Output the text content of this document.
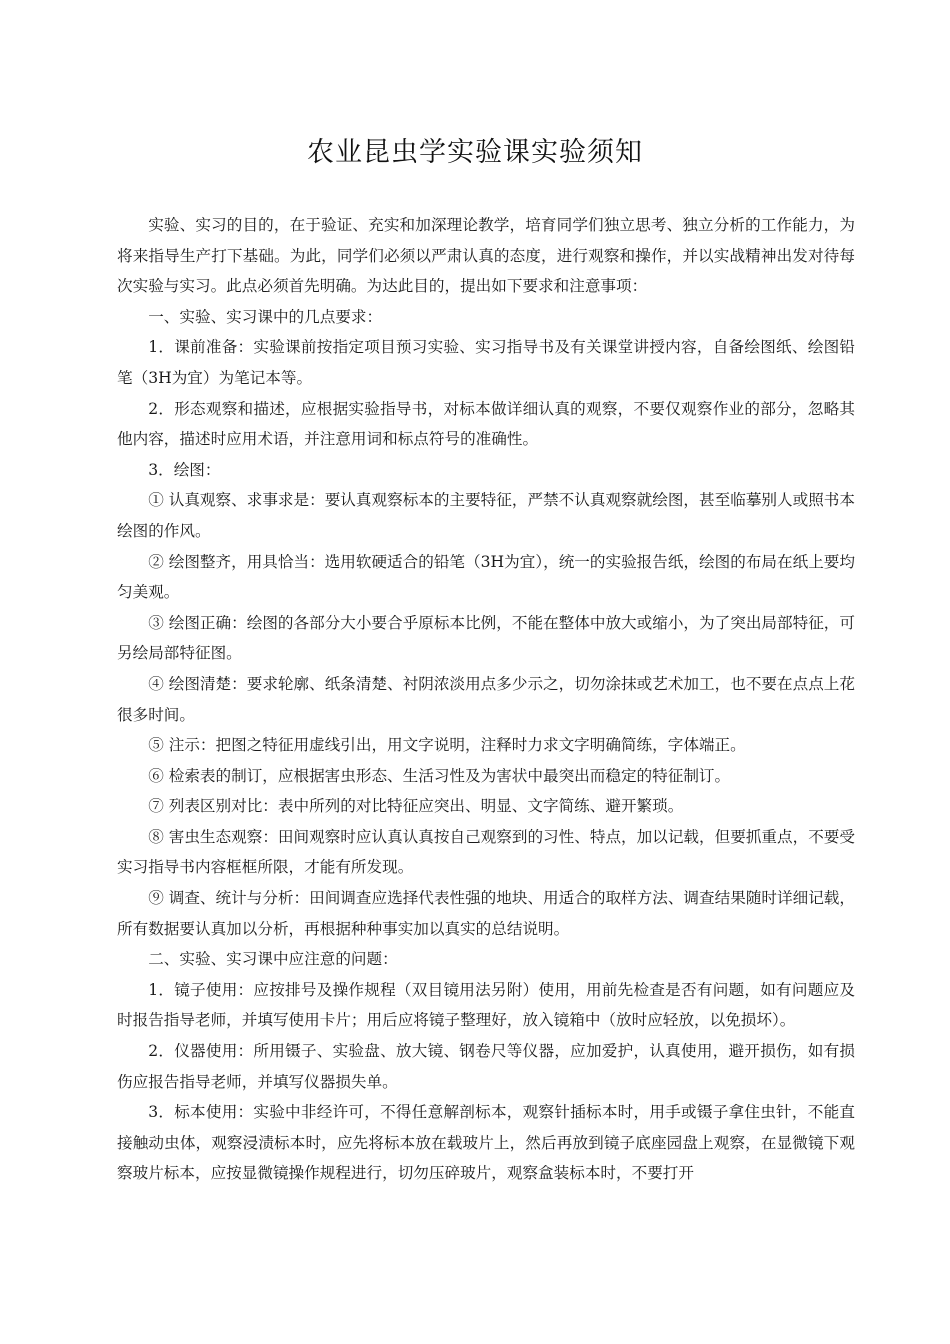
农业昆虫学实验课实验须知

实验、实习的目的，在于验证、充实和加深理论教学，培育同学们独立思考、独立分析的工作能力，为将来指导生产打下基础。为此，同学们必须以严肃认真的态度，进行观察和操作，并以实战精神出发对待每次实验与实习。此点必须首先明确。为达此目的，提出如下要求和注意事项：

一、实验、实习课中的几点要求：

1．课前准备：实验课前按指定项目预习实验、实习指导书及有关课堂讲授内容，自备绘图纸、绘图铅笔（3H为宜）为笔记本等。

2．形态观察和描述，应根据实验指导书，对标本做详细认真的观察，不要仅观察作业的部分，忽略其他内容，描述时应用术语，并注意用词和标点符号的准确性。

3．绘图：

① 认真观察、求事求是：要认真观察标本的主要特征，严禁不认真观察就绘图，甚至临摹别人或照书本绘图的作风。

② 绘图整齐，用具恰当：选用软硬适合的铅笔（3H为宜），统一的实验报告纸，绘图的布局在纸上要均匀美观。

③ 绘图正确：绘图的各部分大小要合乎原标本比例，不能在整体中放大或缩小，为了突出局部特征，可另绘局部特征图。

④ 绘图清楚：要求轮廓、纸条清楚、衬阴浓淡用点多少示之，切勿涂抹或艺术加工，也不要在点点上花很多时间。

⑤ 注示：把图之特征用虚线引出，用文字说明，注释时力求文字明确简练，字体端正。

⑥ 检索表的制订，应根据害虫形态、生活习性及为害状中最突出而稳定的特征制订。

⑦ 列表区别对比：表中所列的对比特征应突出、明显、文字简练、避开繁琐。

⑧ 害虫生态观察：田间观察时应认真认真按自己观察到的习性、特点，加以记载，但要抓重点，不要受实习指导书内容框框所限，才能有所发现。

⑨ 调查、统计与分析：田间调查应选择代表性强的地块、用适合的取样方法、调查结果随时详细记载，所有数据要认真加以分析，再根据种种事实加以真实的总结说明。

二、实验、实习课中应注意的问题：

1．镜子使用：应按排号及操作规程（双目镜用法另附）使用，用前先检查是否有问题，如有问题应及时报告指导老师，并填写使用卡片；用后应将镜子整理好，放入镜箱中（放时应轻放，以免损坏）。

2．仪器使用：所用镊子、实验盘、放大镜、钢卷尺等仪器，应加爱护，认真使用，避开损伤，如有损伤应报告指导老师，并填写仪器损失单。

3．标本使用：实验中非经许可，不得任意解剖标本，观察针插标本时，用手或镊子拿住虫针，不能直接触动虫体，观察浸渍标本时，应先将标本放在载玻片上，然后再放到镜子底座园盘上观察，在显微镜下观察玻片标本，应按显微镜操作规程进行，切勿压碎玻片，观察盒装标本时，不要打开
